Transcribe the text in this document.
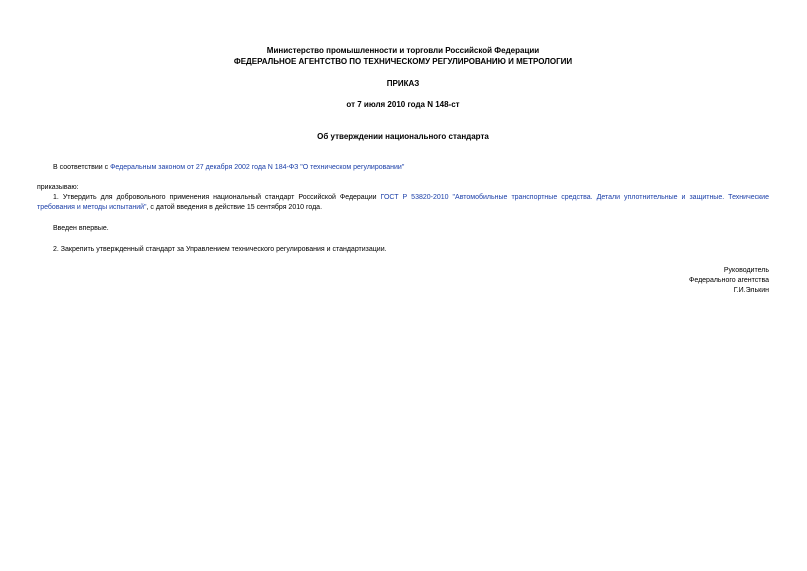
Министерство промышленности и торговли Российской Федерации
ФЕДЕРАЛЬНОЕ АГЕНТСТВО ПО ТЕХНИЧЕСКОМУ РЕГУЛИРОВАНИЮ И МЕТРОЛОГИИ
ПРИКАЗ
от 7 июля 2010 года N 148-ст
Об утверждении национального стандарта
В соответствии с Федеральным законом от 27 декабря 2002 года N 184-ФЗ "О техническом регулировании"
приказываю:
1. Утвердить для добровольного применения национальный стандарт Российской Федерации ГОСТ Р 53820-2010 "Автомобильные транспортные средства. Детали уплотнительные и защитные. Технические
требования и методы испытаний", с датой введения в действие 15 сентября 2010 года.
Введен впервые.
2. Закрепить утвержденный стандарт за Управлением технического регулирования и стандартизации.
Руководитель
Федерального агентства
Г.И.Элькин
